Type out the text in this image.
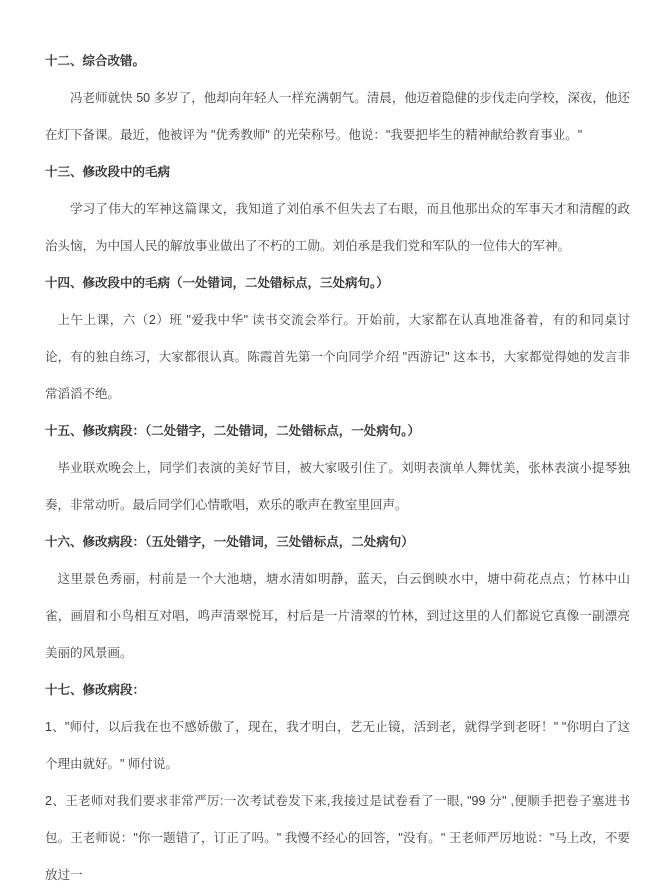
十二、综合改错。

冯老师就快 50 多岁了，他却向年轻人一样充满朝气。清晨，他迈着隐健的步伐走向学校，深夜，他还在灯下备课。最近，他被评为 "优秀教师" 的光荣称号。他说："我要把毕生的精神献给教育事业。"

十三、修改段中的毛病

学习了伟大的军神这篇课文，我知道了刘伯承不但失去了右眼，而且他那出众的军事天才和清醒的政治头恼，为中国人民的解放事业做出了不朽的工勋。刘伯承是我们党和军队的一位伟大的军神。

十四、修改段中的毛病（一处错词，二处错标点，三处病句。）

上午上课，六（2）班 "爱我中华" 读书交流会举行。开始前，大家都在认真地准备着，有的和同桌讨论，有的独自练习，大家都很认真。陈霞首先第一个向同学介绍 "西游记" 这本书，大家都觉得她的发言非常滔滔不绝。

十五、修改病段：（二处错字，二处错词，二处错标点，一处病句。）

毕业联欢晚会上，同学们表演的美好节目，被大家吸引住了。刘明表演单人舞忧美，张林表演小提琴独奏，非常动听。最后同学们心情歌唱，欢乐的歌声在教室里回声。

十六、修改病段：（五处错字，一处错词，三处错标点，二处病句）

这里景色秀丽，村前是一个大池塘，塘水清如明静，蓝天，白云倒映水中，塘中荷花点点；竹林中山雀，画眉和小鸟相互对唱，鸣声清翠悦耳，村后是一片清翠的竹林，到过这里的人们都说它真像一副漂亮美丽的风景画。

十七、修改病段：

1、"师付，以后我在也不感娇傲了，现在，我才明白，艺无止镜，活到老，就得学到老呀！" "你明白了这个理由就好。" 师付说。

2、王老师对我们要求非常严厉:一次考试卷发下来,我接过是试卷看了一眼, "99 分" ,便顺手把卷子塞进书包。王老师说："你一题错了，订正了吗。" 我慢不经心的回答，"没有。" 王老师严厉地说："马上改，不要放过一
